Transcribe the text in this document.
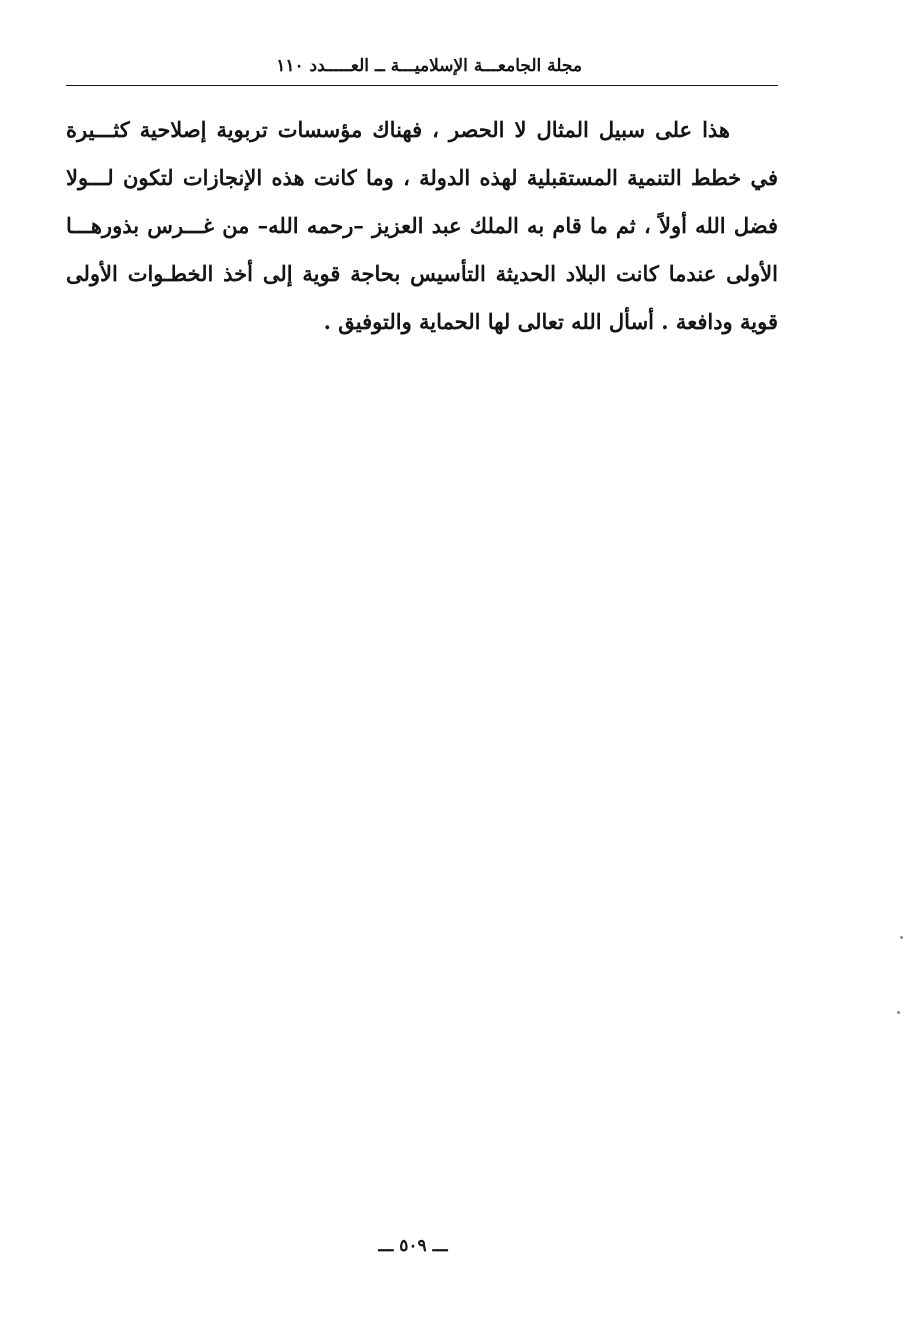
مجلة الجامعـــة الإسلاميـــة ــ العـــــدد ١١٠
هذا على سبيل المثال لا الحصر ، فهناك مؤسسات تربوية إصلاحية كثـــيرة
في خطط التنمية المستقبلية لهذه الدولة ، وما كانت هذه الإنجازات لتكون لـــولا
فضل الله أولاً ، ثم ما قام به الملك عبد العزيز –رحمه الله– من غـــرس بذورهـــا
الأولى عندما كانت البلاد الحديثة التأسيس بحاجة قوية إلى أخذ الخطـوات الأولى
قوية ودافعة . أسأل الله تعالى لها الحماية والتوفيق .
ـــ ٥٠٩ ـــ
